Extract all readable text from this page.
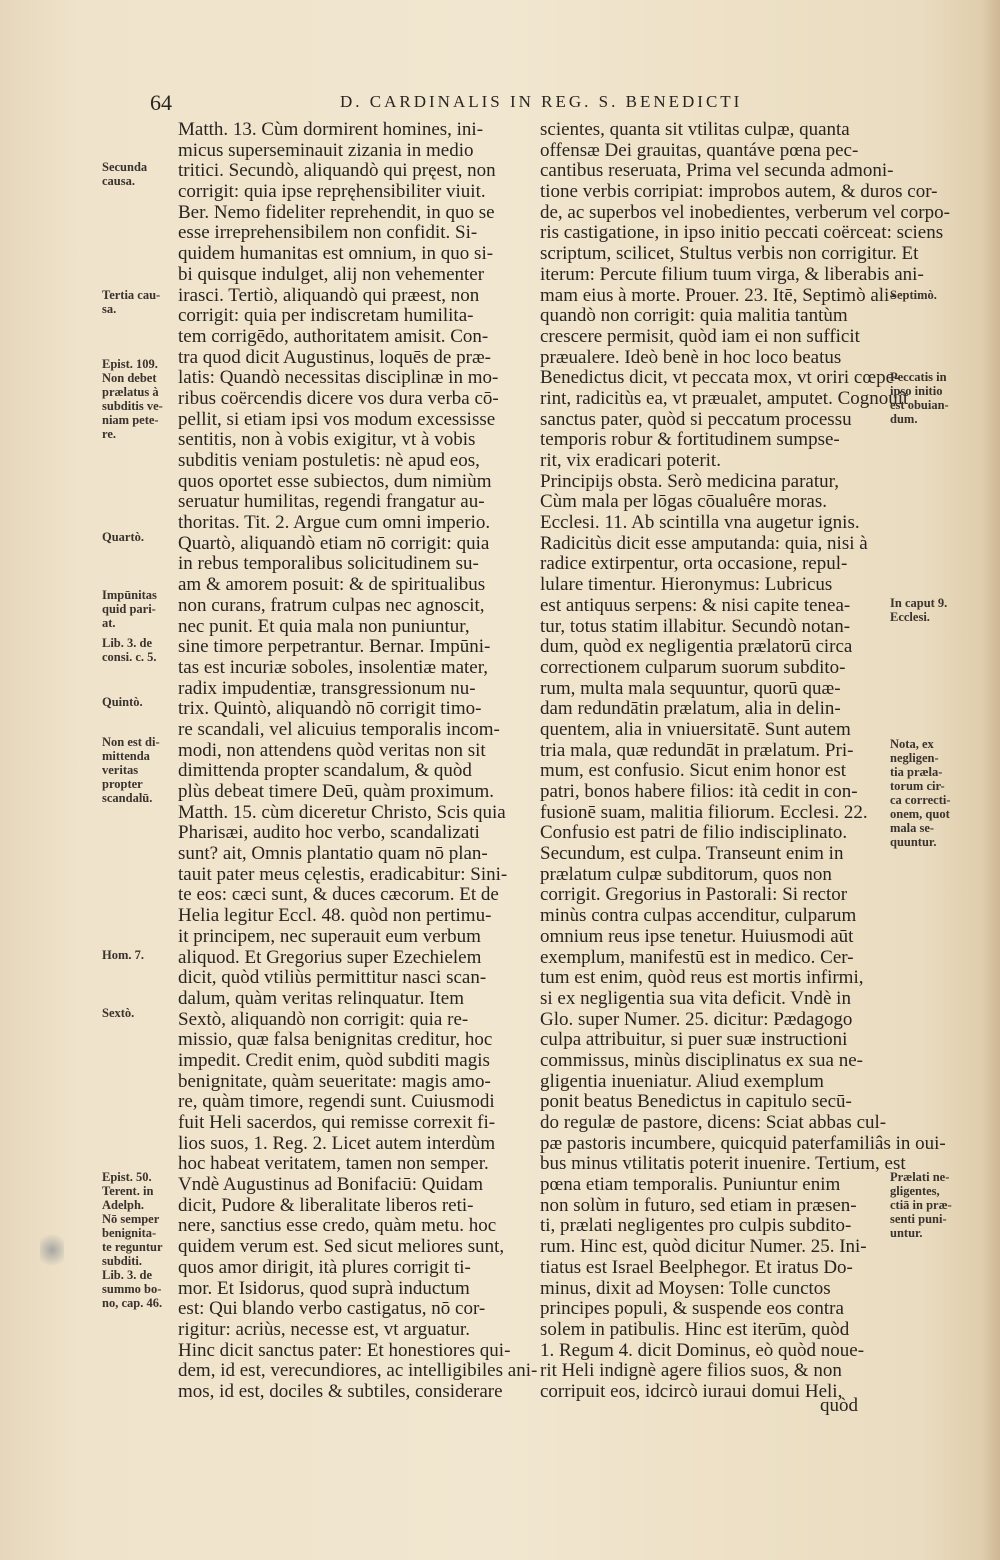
64	D. CARDINALIS IN REG. S. BENEDICTI
Matth. 13. Cùm dormirent homines, ini-
micus superseminauit zizania in medio
tritici. Secundò, aliquandò qui pręest, non
corrigit: quia ipse repręhensibiliter viuit.
Ber. Nemo fideliter reprehendit, in quo se
esse irreprehensibilem non confidit. Si-
quidem humanitas est omnium, in quo si-
bi quisque indulget, alij non vehementer
irasci. Tertiò, aliquandò qui præest, non
corrigit: quia per indiscretam humilita-
tem corrigēdo, authoritatem amisit. Con-
tra quod dicit Augustinus, loquēs de præ-
latis: Quandò necessitas disciplinæ in mo-
ribus coërcendis dicere vos dura verba cō-
pellit, si etiam ipsi vos modum excessisse
sentitis, non à vobis exigitur, vt à vobis
subditis veniam postuletis: nè apud eos,
quos oportet esse subiectos, dum nimiùm
seruatur humilitas, regendi frangatur au-
thoritas. Tit. 2. Argue cum omni imperio.
Quartò, aliquandò etiam nō corrigit: quia
in rebus temporalibus solicitudinem su-
am & amorem posuit: & de spiritualibus
non curans, fratrum culpas nec agnoscit,
nec punit. Et quia mala non puniuntur,
sine timore perpetrantur. Bernar. Impūni-
tas est incuriæ soboles, insolentiæ mater,
radix impudentiæ, transgressionum nu-
trix. Quintò, aliquandò nō corrigit timo-
re scandali, vel alicuius temporalis incom-
modi, non attendens quòd veritas non sit
dimittenda propter scandalum, & quòd
plùs debeat timere Deū, quàm proximum.
Matth. 15. cùm diceretur Christo, Scis quia
Pharisæi, audito hoc verbo, scandalizati
sunt? ait, Omnis plantatio quam nō plan-
tauit pater meus cęlestis, eradicabitur: Sini-
te eos: cæci sunt, & duces cæcorum. Et de
Helia legitur Eccl. 48. quòd non pertimu-
it principem, nec superauit eum verbum
aliquod. Et Gregorius super Ezechielem
dicit, quòd vtiliùs permittitur nasci scan-
dalum, quàm veritas relinquatur. Item
Sextò, aliquandò non corrigit: quia re-
missio, quæ falsa benignitas creditur, hoc
impedit. Credit enim, quòd subditi magis
benignitate, quàm seueritate: magis amo-
re, quàm timore, regendi sunt. Cuiusmodi
fuit Heli sacerdos, qui remisse correxit fi-
lios suos, 1. Reg. 2. Licet autem interdùm
hoc habeat veritatem, tamen non semper.
Vndè Augustinus ad Bonifaciū: Quidam
dicit, Pudore & liberalitate liberos reti-
nere, sanctius esse credo, quàm metu. hoc
quidem verum est. Sed sicut meliores sunt,
quos amor dirigit, ità plures corrigit ti-
mor. Et Isidorus, quod suprà inductum
est: Qui blando verbo castigatus, nō cor-
rigitur: acriùs, necesse est, vt arguatur.
Hinc dicit sanctus pater: Et honestiores qui-
dem, id est, verecundiores, ac intelligibiles ani-
mos, id est, dociles & subtiles, considerare
scientes, quanta sit vtilitas culpæ, quanta
offensæ Dei grauitas, quantáve pœna pec-
cantibus reseruata, Prima vel secunda admoni-
tione verbis corripiat: improbos autem, & duros cor-
de, ac superbos vel inobedientes, verberum vel corpo-
ris castigatione, in ipso initio peccati coërceat: sciens
scriptum, scilicet, Stultus verbis non corrigitur. Et
iterum: Percute filium tuum virga, & liberabis ani-
mam eius à morte. Prouer. 23. Itē, Septimò ali-
quandò non corrigit: quia malitia tantùm
crescere permisit, quòd iam ei non sufficit
præualere. Ideò benè in hoc loco beatus
Benedictus dicit, vt peccata mox, vt oriri cœpe-
rint, radicitùs ea, vt præualet, amputet. Cognouit
sanctus pater, quòd si peccatum processu
temporis robur & fortitudinem sumpse-
rit, vix eradicari poterit.
Principijs obsta. Serò medicina paratur,
Cùm mala per lōgas cōualuêre moras.
Ecclesi. 11. Ab scintilla vna augetur ignis.
Radicitùs dicit esse amputanda: quia, nisi à
radice extirpentur, orta occasione, repul-
lulare timentur. Hieronymus: Lubricus
est antiquus serpens: & nisi capite tenea-
tur, totus statim illabitur. Secundò notan-
dum, quòd ex negligentia prælatorū circa
correctionem culparum suorum subdito-
rum, multa mala sequuntur, quorū quæ-
dam redundātin prælatum, alia in delin-
quentem, alia in vniuersitatē. Sunt autem
tria mala, quæ redundāt in prælatum. Pri-
mum, est confusio. Sicut enim honor est
patri, bonos habere filios: ità cedit in con-
fusionē suam, malitia filiorum. Ecclesi. 22.
Confusio est patri de filio indisciplinato.
Secundum, est culpa. Transeunt enim in
prælatum culpæ subditorum, quos non
corrigit. Gregorius in Pastorali: Si rector
minùs contra culpas accenditur, culparum
omnium reus ipse tenetur. Huiusmodi aūt
exemplum, manifestū est in medico. Cer-
tum est enim, quòd reus est mortis infirmi,
si ex negligentia sua vita deficit. Vndè in
Glo. super Numer. 25. dicitur: Pædagogo
culpa attribuitur, si puer suæ instructioni
commissus, minùs disciplinatus ex sua ne-
gligentia inueniatur. Aliud exemplum
ponit beatus Benedictus in capitulo secū-
do regulæ de pastore, dicens: Sciat abbas cul-
pæ pastoris incumbere, quicquid paterfamiliâs in oui-
bus minus vtilitatis poterit inuenire. Tertium, est
pœna etiam temporalis. Puniuntur enim
non solùm in futuro, sed etiam in præsen-
ti, prælati negligentes pro culpis subdito-
rum. Hinc est, quòd dicitur Numer. 25. Ini-
tiatus est Israel Beelphegor. Et iratus Do-
minus, dixit ad Moysen: Tolle cunctos
principes populi, & suspende eos contra
solem in patibulis. Hinc est iterūm, quòd
1. Regum 4. dicit Dominus, eò quòd noue-
rit Heli indignè agere filios suos, & non
corripuit eos, idcircò iuraui domui Heli,
Secunda
causa.
Tertia cau-
sa.
Epist. 109.
Non debet
prælatus à
subditis ve-
niam pete-
re.
Quartò.
Impūnitas
quid pari-
at.
Lib. 3. de
consi. c. 5.
Quintò.
Non est di-
mittenda
veritas
propter
scandalū.
Hom. 7.
Sextò.
Epist. 50.
Terent. in
Adelph.
Nō semper
benignita-
te reguntur
subditi.
Lib. 3. de
summo bo-
no, cap. 46.
Septimò.
Peccatis in
ipso initio
est obuian-
dum.
In caput 9.
Ecclesi.
Nota, ex
negligen-
tia præla-
torum cir-
ca correcti-
onem, quot
mala se-
quuntur.
Prælati ne-
gligentes,
ctiā in præ-
senti puni-
untur.
quòd
